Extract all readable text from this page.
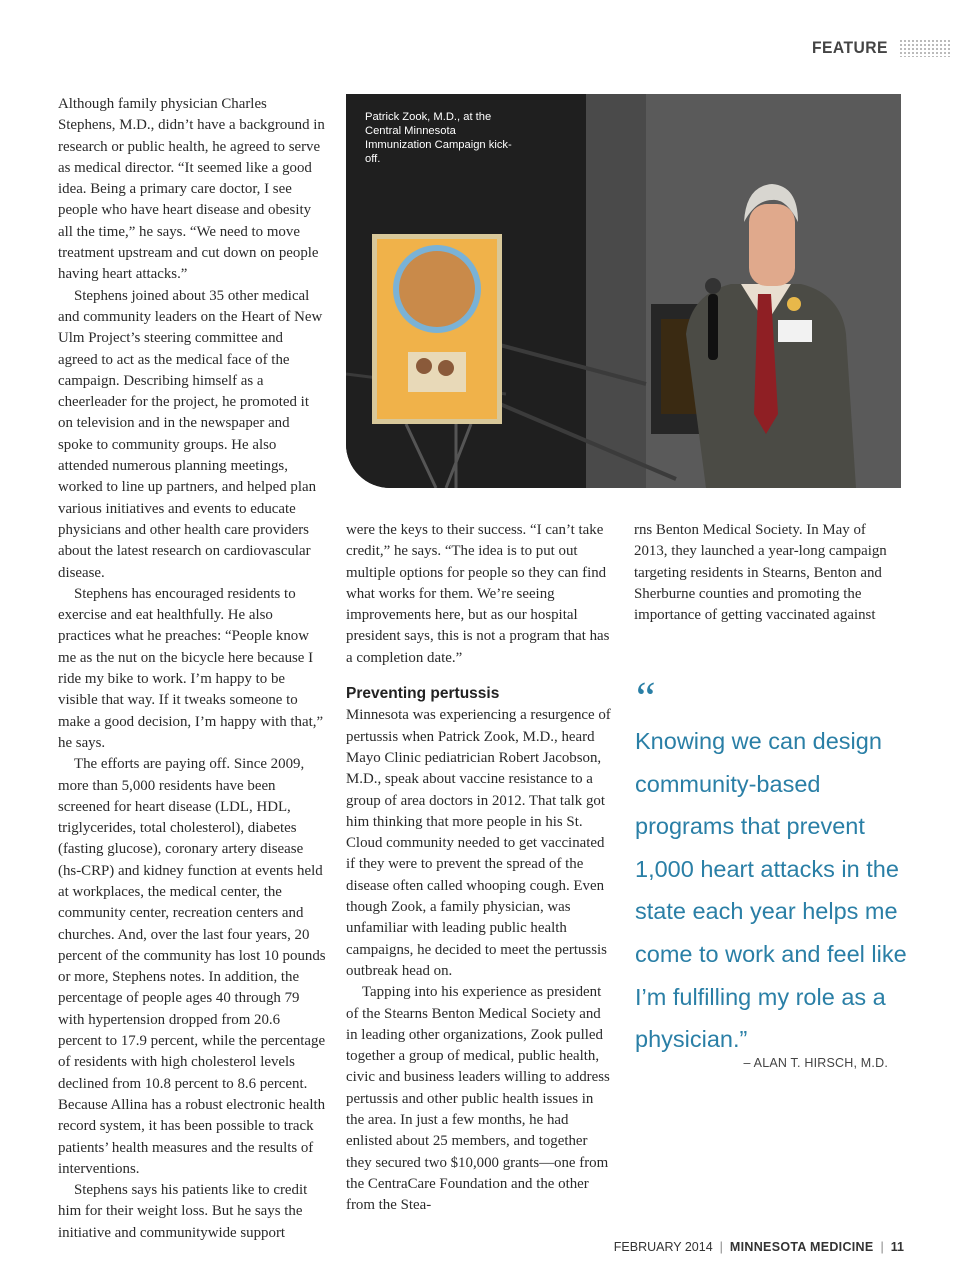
FEATURE

Although family physician Charles Stephens, M.D., didn’t have a background in research or public health, he agreed to serve as medical director. “It seemed like a good idea. Being a primary care doctor, I see people who have heart disease and obesity all the time,” he says. “We need to move treatment upstream and cut down on people having heart attacks.”

Stephens joined about 35 other medical and community leaders on the Heart of New Ulm Project’s steering committee and agreed to act as the medical face of the campaign. Describing himself as a cheerleader for the project, he promoted it on television and in the newspaper and spoke to community groups. He also attended numerous planning meetings, worked to line up partners, and helped plan various initiatives and events to educate physicians and other health care providers about the latest research on cardiovascular disease.

Stephens has encouraged residents to exercise and eat healthfully. He also practices what he preaches: “People know me as the nut on the bicycle here because I ride my bike to work. I’m happy to be visible that way. If it tweaks someone to make a good decision, I’m happy with that,” he says.

The efforts are paying off. Since 2009, more than 5,000 residents have been screened for heart disease (LDL, HDL, triglycerides, total cholesterol), diabetes (fasting glucose), coronary artery disease (hs-CRP) and kidney function at events held at workplaces, the medical center, the community center, recreation centers and churches. And, over the last four years, 20 percent of the community has lost 10 pounds or more, Stephens notes. In addition, the percentage of people ages 40 through 79 with hypertension dropped from 20.6 percent to 17.9 percent, while the percentage of residents with high cholesterol levels declined from 10.8 percent to 8.6 percent. Because Allina has a robust electronic health record system, it has been possible to track patients’ health measures and the results of interventions.

Stephens says his patients like to credit him for their weight loss. But he says the initiative and communitywide support

Patrick Zook, M.D., at the Central Minnesota Immunization Campaign kick-off.

were the keys to their success. “I can’t take credit,” he says. “The idea is to put out multiple options for people so they can find what works for them. We’re seeing improvements here, but as our hospital president says, this is not a program that has a completion date.”

Preventing pertussis

Minnesota was experiencing a resurgence of pertussis when Patrick Zook, M.D., heard Mayo Clinic pediatrician Robert Jacobson, M.D., speak about vaccine resistance to a group of area doctors in 2012. That talk got him thinking that more people in his St. Cloud community needed to get vaccinated if they were to prevent the spread of the disease often called whooping cough. Even though Zook, a family physician, was unfamiliar with leading public health campaigns, he decided to meet the pertussis outbreak head on.

Tapping into his experience as president of the Stearns Benton Medical Society and in leading other organizations, Zook pulled together a group of medical, public health, civic and business leaders willing to address pertussis and other public health issues in the area. In just a few months, he had enlisted about 25 members, and together they secured two $10,000 grants—one from the CentraCare Foundation and the other from the Stea-

rns Benton Medical Society. In May of 2013, they launched a year-long campaign targeting residents in Stearns, Benton and Sherburne counties and promoting the importance of getting vaccinated against

“
Knowing we can design community-based programs that prevent 1,000 heart attacks in the state each year helps me come to work and feel like I’m fulfilling my role as a physician.”
– ALAN T. HIRSCH, M.D.
FEBRUARY 2014 | MINNESOTA MEDICINE | 11
